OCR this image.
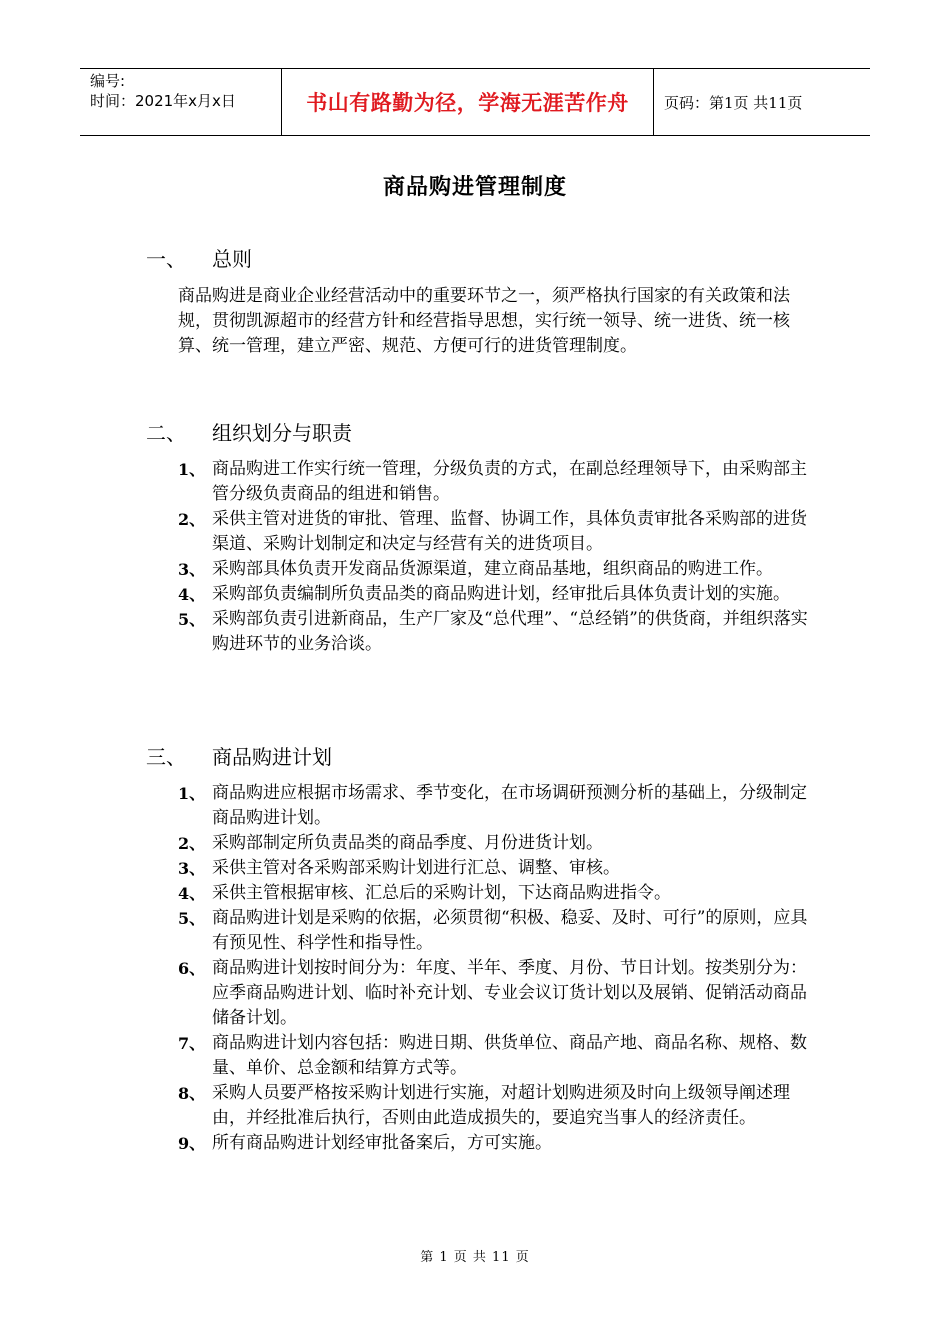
编号:
时间：2021年x月x日	书山有路勤为径，学海无涯苦作舟	页码：第1页 共11页
商品购进管理制度
一、 总则
商品购进是商业企业经营活动中的重要环节之一，须严格执行国家的有关政策和法规，贯彻凯源超市的经营方针和经营指导思想，实行统一领导、统一进货、统一核算、统一管理，建立严密、规范、方便可行的进货管理制度。
二、 组织划分与职责
1、 商品购进工作实行统一管理，分级负责的方式，在副总经理领导下，由采购部主管分级负责商品的组进和销售。
2、 采供主管对进货的审批、管理、监督、协调工作，具体负责审批各采购部的进货渠道、采购计划制定和决定与经营有关的进货项目。
3、 采购部具体负责开发商品货源渠道，建立商品基地，组织商品的购进工作。
4、 采购部负责编制所负责品类的商品购进计划，经审批后具体负责计划的实施。
5、 采购部负责引进新商品，生产厂家及“总代理”、“总经销”的供货商，并组织落实购进环节的业务洽谈。
三、 商品购进计划
1、 商品购进应根据市场需求、季节变化，在市场调研预测分析的基础上，分级制定商品购进计划。
2、 采购部制定所负责品类的商品季度、月份进货计划。
3、 采供主管对各采购部采购计划进行汇总、调整、审核。
4、 采供主管根据审核、汇总后的采购计划，下达商品购进指令。
5、 商品购进计划是采购的依据，必须贯彻“积极、稳妥、及时、可行”的原则，应具有预见性、科学性和指导性。
6、 商品购进计划按时间分为：年度、半年、季度、月份、节日计划。按类别分为：应季商品购进计划、临时补充计划、专业会议订货计划以及展销、促销活动商品储备计划。
7、 商品购进计划内容包括：购进日期、供货单位、商品产地、商品名称、规格、数量、单价、总金额和结算方式等。
8、 采购人员要严格按采购计划进行实施，对超计划购进须及时向上级领导阐述理由，并经批准后执行，否则由此造成损失的，要追究当事人的经济责任。
9、 所有商品购进计划经审批备案后，方可实施。
第 1 页 共 11 页
